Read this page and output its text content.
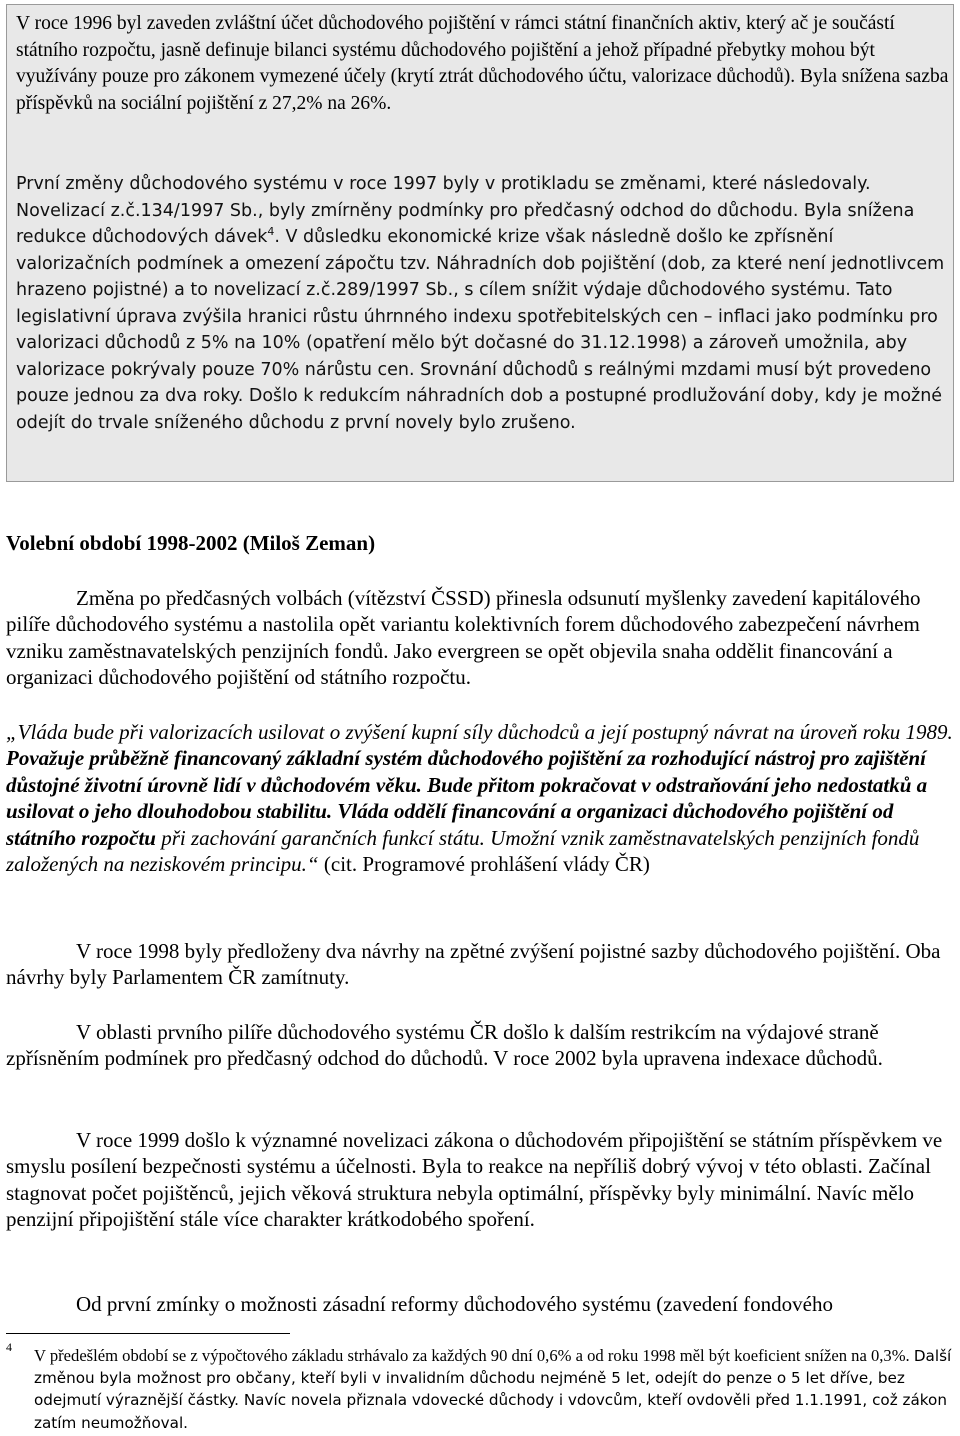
V roce 1996 byl zaveden zvláštní účet důchodového pojištění v rámci státní finančních aktiv, který ač je součástí státního rozpočtu, jasně definuje bilanci systému důchodového pojištění a jehož případné přebytky mohou být využívány pouze pro zákonem vymezené účely (krytí ztrát důchodového účtu, valorizace důchodů). Byla snížena sazba příspěvků na sociální pojištění z 27,2% na 26%.
První změny důchodového systému v roce 1997 byly v protikladu se změnami, které následovaly. Novelizací z.č.134/1997 Sb., byly zmírněny podmínky pro předčasný odchod do důchodu. Byla snížena redukce důchodových dávek$^4$. V důsledku ekonomické krize však následně došlo ke zpřísnění valorizačních podmínek a omezení zápočtu tzv. Náhradních dob pojištění (dob, za které není jednotlivcem hrazeno pojistné) a to novelizací z.č.289/1997 Sb., s cílem snížit výdaje důchodového systému. Tato legislativní úprava zvýšila hranici růstu úhrnného indexu spotřebitelských cen – inflaci jako podmínku pro valorizaci důchodů z 5% na 10% (opatření mělo být dočasné do 31.12.1998) a zároveň umožnila, aby valorizace pokrývaly pouze 70% nárůstu cen. Srovnání důchodů s reálnými mzdami musí být provedeno pouze jednou za dva roky. Došlo k redukcím náhradních dob a postupné prodlužování doby, kdy je možné odejít do trvale sníženého důchodu z první novely bylo zrušeno.
Volební období 1998-2002 (Miloš Zeman)
Změna po předčasných volbách (vítězství ČSSD) přinesla odsunutí myšlenky zavedení kapitálového pilíře důchodového systému a nastolila opět variantu kolektivních forem důchodového zabezpečení návrhem vzniku zaměstnavatelských penzijních fondů. Jako evergreen se opět objevila snaha oddělit financování a organizaci důchodového pojištění od státního rozpočtu.
„Vláda bude při valorizacích usilovat o zvýšení kupní síly důchodců a její postupný návrat na úroveň roku 1989. Považuje průběžně financovaný základní systém důchodového pojištění za rozhodující nástroj pro zajištění důstojné životní úrovně lidí v důchodovém věku. Bude přitom pokračovat v odstraňování jeho nedostatků a usilovat o jeho dlouhodobou stabilitu. Vláda oddělí financování a organizaci důchodového pojištění od státního rozpočtu při zachování garančních funkcí státu. Umožní vznik zaměstnavatelských penzijních fondů založených na neziskovém principu.“ (cit. Programové prohlášení vlády ČR)
V roce 1998 byly předloženy dva návrhy na zpětné zvýšení pojistné sazby důchodového pojištění. Oba návrhy byly Parlamentem ČR zamítnuty.
V oblasti prvního pilíře důchodového systému ČR došlo k dalším restrikcím na výdajové straně zpřísněním podmínek pro předčasný odchod do důchodů. V roce 2002 byla upravena indexace důchodů.
V roce 1999 došlo k významné novelizaci zákona o důchodovém připojištění se státním příspěvkem ve smyslu posílení bezpečnosti systému a účelnosti. Byla to reakce na nepříliš dobrý vývoj v této oblasti. Začínal stagnovat počet pojištěnců, jejich věková struktura nebyla optimální, příspěvky byly minimální. Navíc mělo penzijní připojištění stále více charakter krátkodobého spoření.
Od první zmínky o možnosti zásadní reformy důchodového systému (zavedení fondového
4 V předešlém období se z výpočtového základu strhávalo za každých 90 dní 0,6% a od roku 1998 měl být koeficient snížen na 0,3%. Další změnou byla možnost pro občany, kteří byli v invalidním důchodu nejméně 5 let, odejít do penze o 5 let dříve, bez odejmutí výraznější částky. Navíc novela přiznala vdovecké důchody i vdovcům, kteří ovdověli před 1.1.1991, což zákon zatím neumožňoval.
